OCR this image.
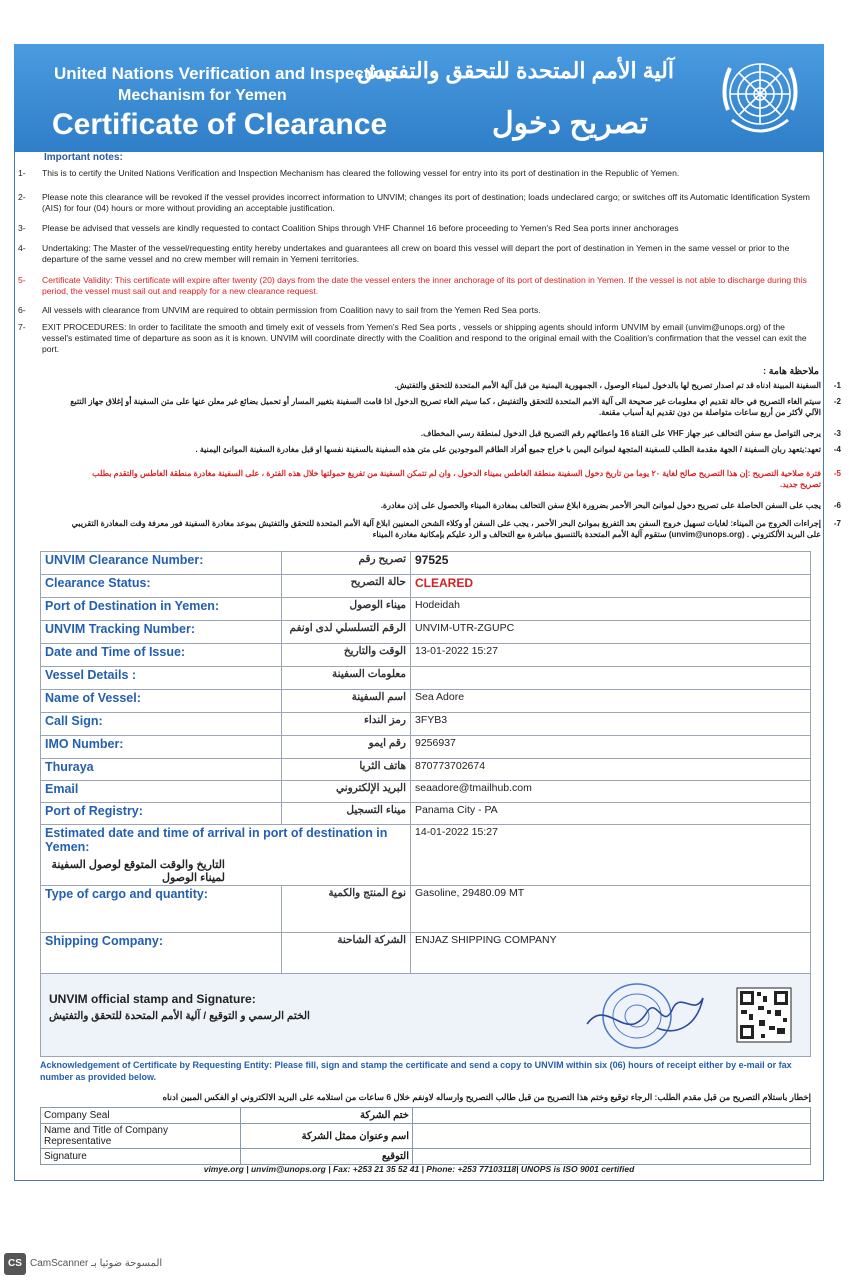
United Nations Verification and Inspection
Mechanism for Yemen
Certificate of Clearance
آلية الأمم المتحدة للتحقق والتفتيش
تصريح دخول
Important notes:
1-	This is to certify the United Nations Verification and Inspection Mechanism has cleared the following vessel for entry into its port of destination in the Republic of Yemen.
2-	Please note this clearance will be revoked if the vessel provides incorrect information to UNVIM; changes its port of destination; loads undeclared cargo; or switches off its Automatic Identification System (AIS) for four (04) hours or more without providing an acceptable justification.
3-	Please be advised that vessels are kindly requested to contact Coalition Ships through VHF Channel 16 before proceeding to Yemen's Red Sea ports inner anchorages
4-	Undertaking: The Master of the vessel/requesting entity hereby undertakes and guarantees all crew on board this vessel will depart the port of destination in Yemen in the same vessel or prior to the departure of the same vessel and no crew member will remain in Yemeni territories.
5-	Certificate Validity: This certificate will expire after twenty (20) days from the date the vessel enters the inner anchorage of its port of destination in Yemen. If the vessel is not able to discharge during this period, the vessel must sail out and reapply for a new clearance request.
6-	All vessels with clearance from UNVIM are required to obtain permission from Coalition navy to sail from the Yemen Red Sea ports.
7-	EXIT PROCEDURES: In order to facilitate the smooth and timely exit of vessels from Yemen's Red Sea ports , vessels or shipping agents should inform UNVIM by email (unvim@unops.org) of the vessel's estimated time of departure as soon as it is known. UNVIM will coordinate directly with the Coalition and respond to the original email with the Coalition's confirmation that the vessel can exit the port.
ملاحظة هامة :
1-
السفينة المبينة ادناه قد تم اصدار تصريح لها بالدخول لميناء الوصول ، الجمهورية اليمنية من قبل آلية الأمم المتحدة للتحقق والتفتيش.
2-
سيتم الغاء التصريح في حالة تقديم اي معلومات غير صحيحة الى آلية الامم المتحدة للتحقق والتفتيش ، كما سيتم الغاء تصريح الدخول اذا قامت السفينة بتغيير المسار أو تحميل بضائع غير معلن عنها على متن السفينة أو إغلاق جهاز التتبع الآلي لأكثر من أربع ساعات متواصلة من دون تقديم اية أسباب مقنعة.
3-
يرجى التواصل مع سفن التحالف عبر جهاز VHF على القناة 16 واعطائهم رقم التصريح قبل الدخول لمنطقة رسي المخطاف.
4-
تعهد:يتعهد ربان السفينة / الجهة مقدمة الطلب للسفينة المتجهة لموانئ اليمن با خراج جميع أفراد الطاقم الموجودين على متن هذه السفينة بالسفينة نفسها او قبل مغادرة السفينة الموانئ اليمنية .
5-
فترة صلاحية التصريح :إن هذا التصريح صالح لغاية ٢٠ يوما من تاريخ دخول السفينة منطقة الغاطس بميناء الدخول ، وان لم تتمكن السفينة من تفريغ حمولتها خلال هذه الفترة ، على السفينة مغادرة منطقة الغاطس والتقدم بطلب تصريح جديد.
6-
يجب على السفن الحاصلة على تصريح دخول لموانئ البحر الأحمر بضرورة ابلاغ سفن التحالف بمغادرة الميناء والحصول على إذن مغادرة.
7-
إجراءات الخروج من الميناء: لغايات تسهيل خروج السفن بعد التفريغ بموانئ البحر الأحمر ، يجب على السفن أو وكلاء الشحن المعنيين ابلاغ آلية الأمم المتحدة للتحقق والتفتيش بموعد مغادرة السفينة فور معرفة وقت المغادرة التقريبي على البريد الألكتروني . (unvim@unops.org) ستقوم آلية الأمم المتحدة بالتنسيق مباشرة مع التحالف و الرد عليكم بإمكانية مغادرة الميناء
UNVIM Clearance Number:	تصريح رقم	97525
Clearance Status:	حالة التصريح	CLEARED
Port of Destination in Yemen:	ميناء الوصول	Hodeidah
UNVIM Tracking Number:	الرقم التسلسلي لدى اونفم	UNVIM-UTR-ZGUPC
Date and Time of Issue:	الوقت والتاريخ	13-01-2022 15:27
Vessel Details :	معلومات السفينة	
Name of Vessel:	اسم السفينة	Sea Adore
Call Sign:	رمز النداء	3FYB3
IMO Number:	رقم ايمو	9256937
Thuraya	هاتف الثريا	870773702674
Email	البريد الإلكتروني	seaadore@tmailhub.com
Port of Registry:	ميناء التسجيل	Panama City - PA

Estimated date and time of arrival in port of destination in Yemen:
التاريخ والوقت المتوقع لوصول السفينة لميناء الوصول		14-01-2022 15:27
Type of cargo and quantity:	نوع المنتج والكمية	Gasoline, 29480.09 MT
Shipping Company:	الشركة الشاحنة	ENJAZ SHIPPING COMPANY
UNVIM official stamp and Signature:
الختم الرسمي و التوقيع / آلية الأمم المتحدة للتحقق والتفتيش
Acknowledgement of Certificate by Requesting Entity: Please fill, sign and stamp the certificate and send a copy to UNVIM within six (06) hours of receipt either by e-mail or fax number as provided below.
إخطار باستلام التصريح من قبل مقدم الطلب: الرجاء توقيع وختم هذا التصريح من قبل طالب التصريح وارساله لاونفم خلال 6 ساعات من استلامه على البريد الالكتروني او الفكس المبين ادناه
Company Seal	ختم الشركة	
Name and Title of Company Representative	اسم وعنوان ممثل الشركة	
Signature	التوقيع	
vimye.org | unvim@unops.org | Fax: +253 21 35 52 41 | Phone: +253 77103118| UNOPS is ISO 9001 certified
CS CamScanner المسوحة ضوئيا بـ
